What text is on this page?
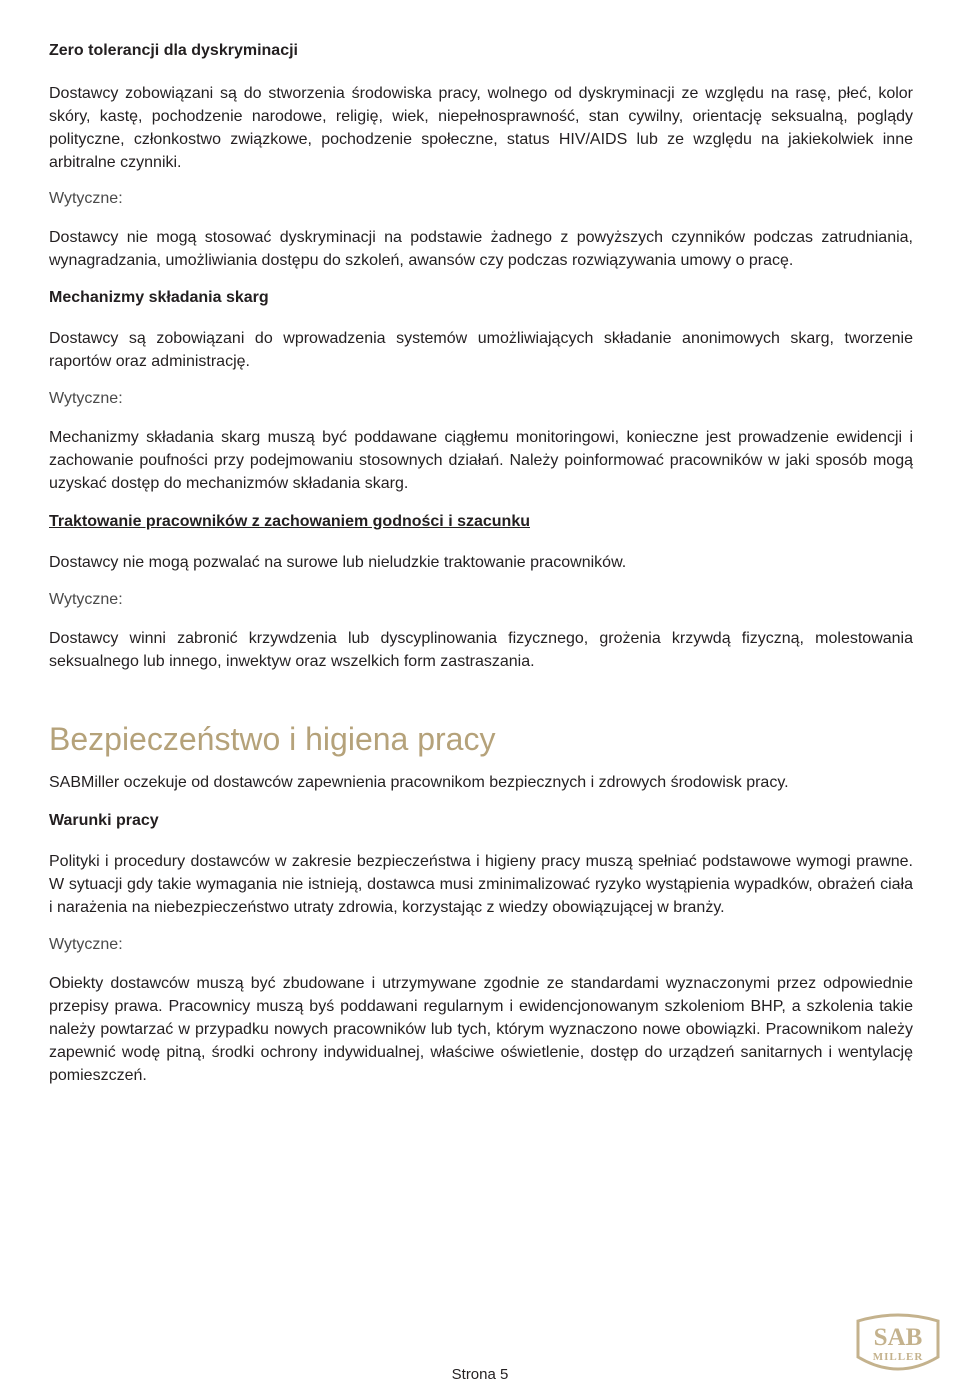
Zero tolerancji dla dyskryminacji

Dostawcy zobowiązani są do stworzenia środowiska pracy, wolnego od dyskryminacji ze względu na rasę, płeć, kolor skóry, kastę, pochodzenie narodowe, religię, wiek, niepełnosprawność, stan cywilny, orientację seksualną, poglądy polityczne, członkostwo związkowe, pochodzenie społeczne, status HIV/AIDS lub ze względu na jakiekolwiek inne arbitralne czynniki.

Wytyczne:

Dostawcy nie mogą stosować dyskryminacji na podstawie żadnego z powyższych czynników podczas zatrudniania, wynagradzania, umożliwiania dostępu do szkoleń, awansów czy podczas rozwiązywania umowy o pracę.

Mechanizmy składania skarg

Dostawcy są zobowiązani do wprowadzenia systemów umożliwiających składanie anonimowych skarg, tworzenie raportów oraz administrację.

Wytyczne:

Mechanizmy składania skarg muszą być poddawane ciągłemu monitoringowi, konieczne jest prowadzenie ewidencji i zachowanie poufności przy podejmowaniu stosownych działań. Należy poinformować pracowników w jaki sposób mogą uzyskać dostęp do mechanizmów składania skarg.

Traktowanie pracowników z zachowaniem godności i szacunku

Dostawcy nie mogą pozwalać na surowe lub nieludzkie traktowanie pracowników.

Wytyczne:

Dostawcy winni zabronić krzywdzenia lub dyscyplinowania fizycznego, grożenia krzywdą fizyczną, molestowania seksualnego lub innego, inwektyw oraz wszelkich form zastraszania.

Bezpieczeństwo i higiena pracy

SABMiller oczekuje od dostawców zapewnienia pracownikom bezpiecznych i zdrowych środowisk pracy.

Warunki pracy

Polityki i procedury dostawców w zakresie bezpieczeństwa i higieny pracy muszą spełniać podstawowe wymogi prawne. W sytuacji gdy takie wymagania nie istnieją, dostawca musi zminimalizować ryzyko wystąpienia wypadków, obrażeń ciała i narażenia na niebezpieczeństwo utraty zdrowia, korzystając z wiedzy obowiązującej w branży.

Wytyczne:

Obiekty dostawców muszą być zbudowane i utrzymywane zgodnie ze standardami wyznaczonymi przez odpowiednie przepisy prawa. Pracownicy muszą byś poddawani regularnym i ewidencjonowanym szkoleniom BHP, a szkolenia takie należy powtarzać w przypadku nowych pracowników lub tych, którym wyznaczono nowe obowiązki. Pracownikom należy zapewnić wodę pitną, środki ochrony indywidualnej, właściwe oświetlenie, dostęp do urządzeń sanitarnych i wentylację pomieszczeń.

Strona 5
SAB
MILLER
